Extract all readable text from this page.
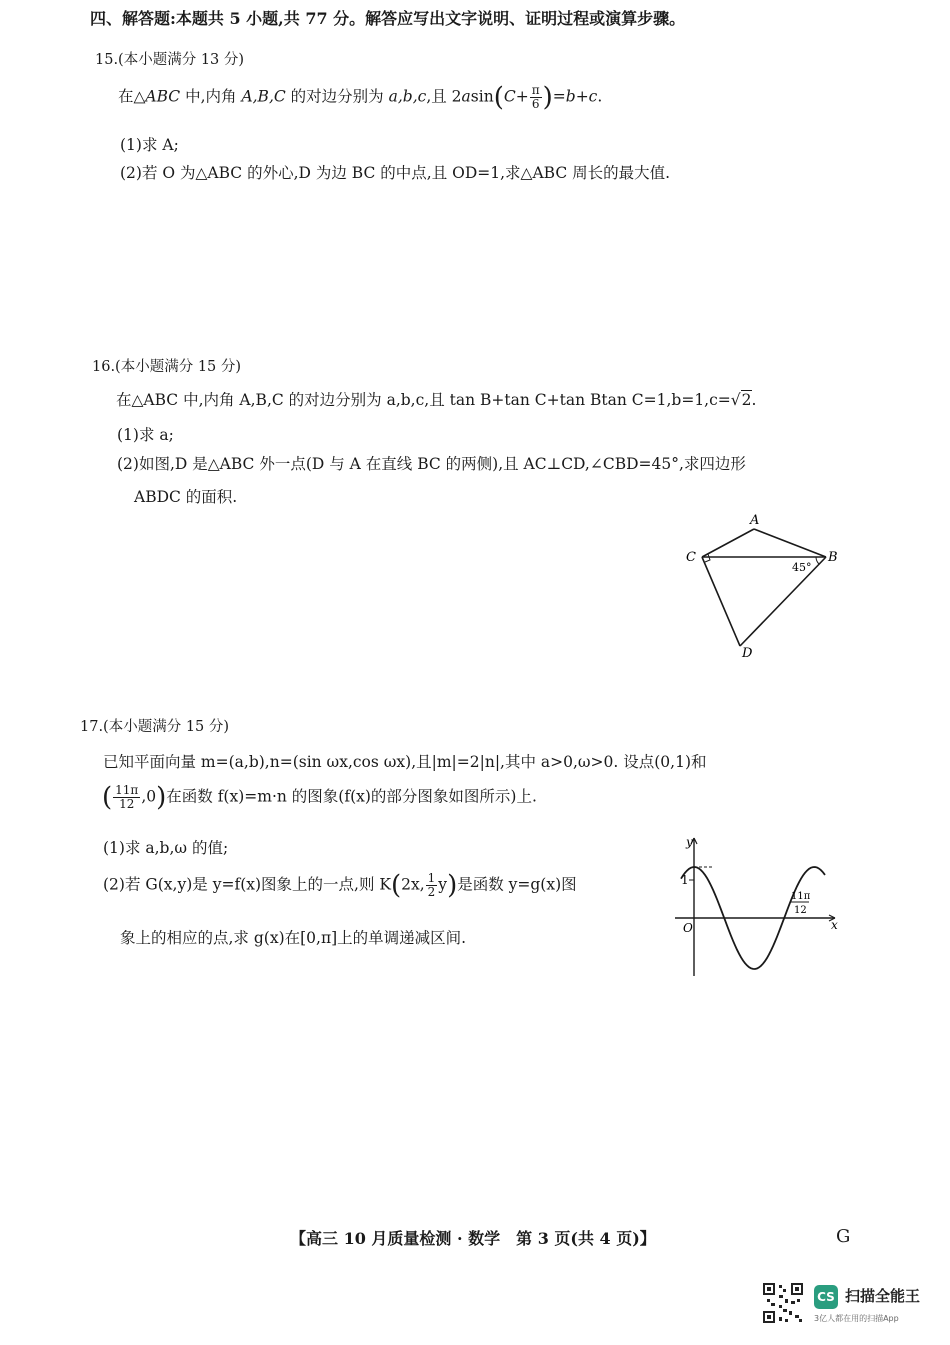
四、解答题:本题共 5 小题,共 77 分。解答应写出文字说明、证明过程或演算步骤。
15.(本小题满分 13 分)
在△ABC 中,内角 A,B,C 的对边分别为 a,b,c,且 $2asin(C+ \frac{\pi}{6} )=b+c$.
(1)求 A;
(2)若 O 为△ABC 的外心,D 为边 BC 的中点,且 OD=1,求△ABC 周长的最大值.
16.(本小题满分 15 分)
在△ABC 中,内角 A,B,C 的对边分别为 a,b,c,且 tan B+tan C+tan Btan C=1,b=1,c=√2.
(1)求 a;
(2)如图,D 是△ABC 外一点(D 与 A 在直线 BC 的两侧),且 AC⊥CD,∠CBD=45°,求四边形
ABDC 的面积.
A
B
C
D
45°
17.(本小题满分 15 分)
已知平面向量 m=(a,b),n=(sin ωx,cos ωx),且|m|=2|n|,其中 a>0,ω>0. 设点(0,1)和
( $\frac{11\pi}{12} ,0$)在函数 f(x)=m·n 的图象(f(x)的部分图象如图所示)上.
(1)求 a,b,ω 的值;
(2)若 G(x,y)是 y=f(x)图象上的一点,则 K(2x, $\frac{1}{2} y$)是函数 y=g(x)图
象上的相应的点,求 g(x)在[0,π]上的单调递减区间.
y
x
O
1
11π
12
【高三 10 月质量检测 · 数学　第 3 页(共 4 页)】	G
CS 扫描全能王
3亿人都在用的扫描App
